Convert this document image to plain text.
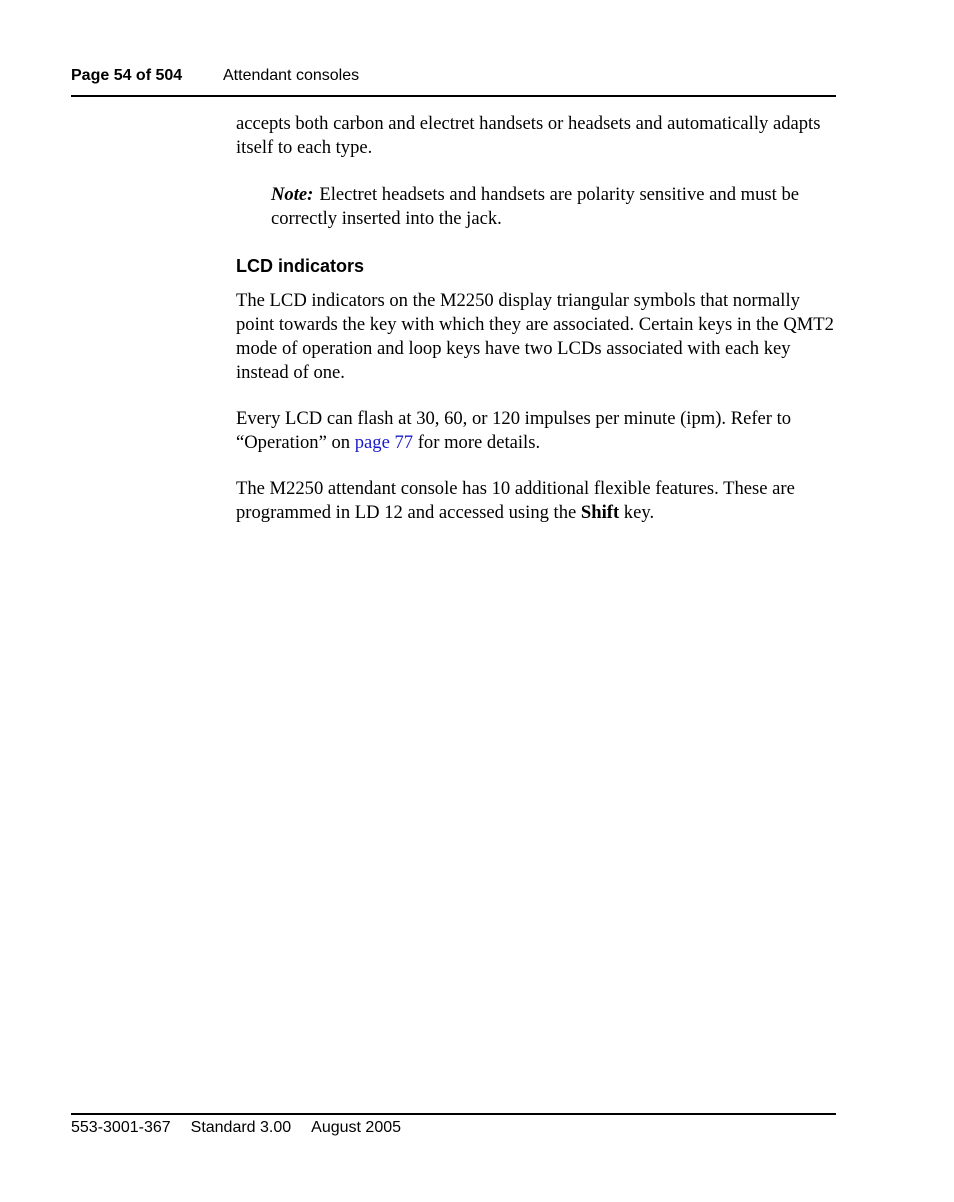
Page 54 of 504	Attendant consoles

accepts both carbon and electret handsets or headsets and automatically adapts itself to each type.

Note: Electret headsets and handsets are polarity sensitive and must be correctly inserted into the jack.

LCD indicators

The LCD indicators on the M2250 display triangular symbols that normally point towards the key with which they are associated. Certain keys in the QMT2 mode of operation and loop keys have two LCDs associated with each key instead of one.

Every LCD can flash at 30, 60, or 120 impulses per minute (ipm). Refer to “Operation” on page 77 for more details.

The M2250 attendant console has 10 additional flexible features. These are programmed in LD 12 and accessed using the Shift key.

553-3001-367 Standard 3.00 August 2005
